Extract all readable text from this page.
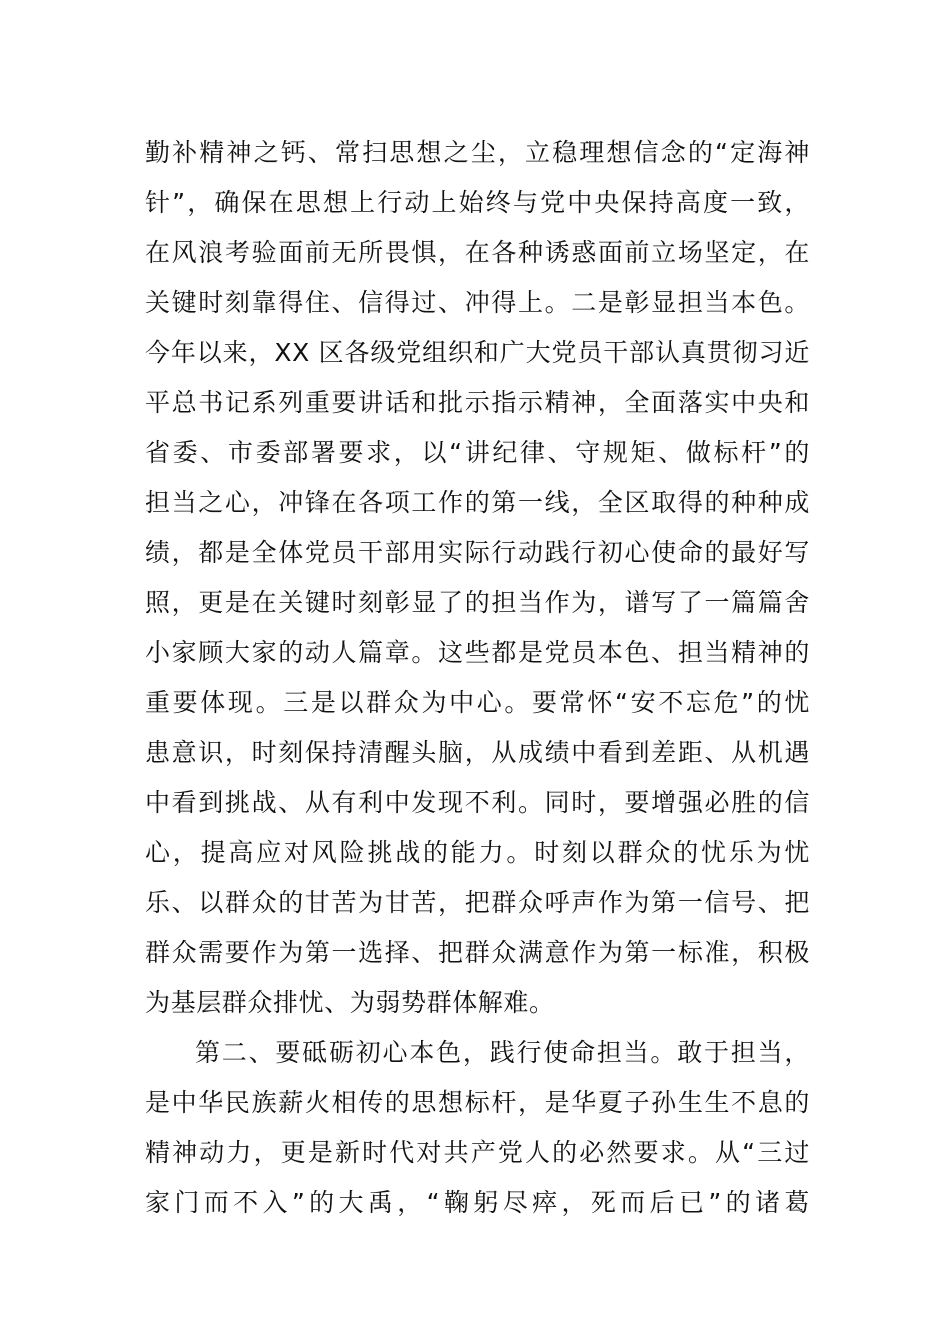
勤补精神之钙、常扫思想之尘，立稳理想信念的“定海神
针”，确保在思想上行动上始终与党中央保持高度一致，
在风浪考验面前无所畏惧，在各种诱惑面前立场坚定，在
关键时刻靠得住、信得过、冲得上。二是彰显担当本色。
今年以来，XX 区各级党组织和广大党员干部认真贯彻习近
平总书记系列重要讲话和批示指示精神，全面落实中央和
省委、市委部署要求，以“讲纪律、守规矩、做标杆”的
担当之心，冲锋在各项工作的第一线，全区取得的种种成
绩，都是全体党员干部用实际行动践行初心使命的最好写
照，更是在关键时刻彰显了的担当作为，谱写了一篇篇舍
小家顾大家的动人篇章。这些都是党员本色、担当精神的
重要体现。三是以群众为中心。要常怀“安不忘危”的忧
患意识，时刻保持清醒头脑，从成绩中看到差距、从机遇
中看到挑战、从有利中发现不利。同时，要增强必胜的信
心，提高应对风险挑战的能力。时刻以群众的忧乐为忧
乐、以群众的甘苦为甘苦，把群众呼声作为第一信号、把
群众需要作为第一选择、把群众满意作为第一标准，积极
为基层群众排忧、为弱势群体解难。
第二、要砥砺初心本色，践行使命担当。敢于担当，
是中华民族薪火相传的思想标杆，是华夏子孙生生不息的
精神动力，更是新时代对共产党人的必然要求。从“三过
家门而不入”的大禹，“鞠躬尽瘁，死而后已”的诸葛
